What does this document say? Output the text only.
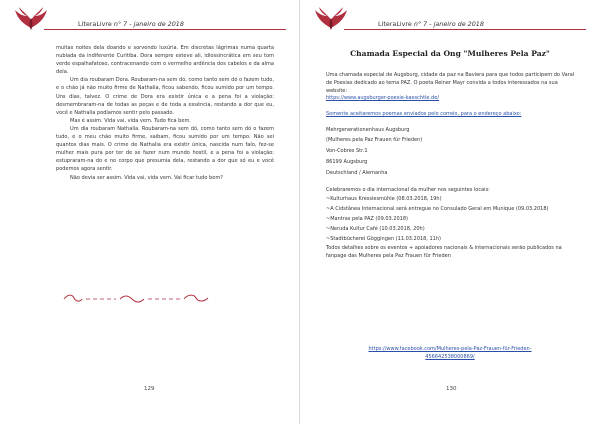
LiteraLivre n° 7 - janeiro de 2018

muitas noites dela doando e sorvendo luxúria. Em discretas lágrimas numa quarta nublada da indiferente Curitiba. Dora sempre esteve ali, idiossincrática em seu tom verde espalhafatoso, contracenando com o vermelho ardência dos cabelos e da alma dela.

Um dia roubaram Dora. Roubaram-na sem dó, como tanto sem dó o fazem tudo, e o chão já não muito firme de Nathalia, ficou sabendo, ficou sumido por um tempo. Uns dias, talvez. O crime de Dora era existir única e a pena foi a violação: desmembraram-na de todas as peças e de toda a essência, restando a dor que eu, você e Nathalia podíamos sentir pelo passado.

Mas é assim. Vida vai, vida vem. Tudo fica bem.

Um dia roubaram Nathalia. Roubaram-na sem dó, como tanto sem dó o fazem tudo, e o meu chão muito firme, saibam, ficou sumido por um tempo. Não sei quantos dias mais. O crime de Nathalia era existir única, nascida num falo, fez-se mulher mais pura por ter de se fazer num mundo hostil, e a pena foi a violação: estupraram-na do e no corpo que presumia dela, restando a dor que só eu e você podemos agora sentir.

Não devia ser assim. Vida vai, vida vem. Vai ficar tudo bem?

129
LiteraLivre n° 7 - janeiro de 2018
Chamada Especial da Ong "Mulheres Pela Paz"

Uma chamada especial de Augsburg, cidade da paz na Baviera para que todos participem do Varal de Poesias dedicado ao tema PAZ. O poeta Reiner Mayr convida a todos interessados na sua website:

https://www.augsburger-poesie-kaeschtle.de/

Somente aceitaremos poemas enviados pelo correio, para o endereço abaixo:

Mehrgenerationenhaus Augsburg

(Mulheres pela Paz Frauen für Frieden)

Von-Cobres Str.1

86199 Augsburg

Deutschland / Alemanha

Celebraremos o dia internacional da mulher nos seguintes locais:

~Kulturhaus Kresslesmühle (08.03.2018, 19h)

~A Cidstânea Internacional será entregue no Consulado Geral em Munique (09.03.2018)

~Mantras pela PAZ (09.03.2018)

~Neruda Kultur Café (10.03.2018, 20h)

~Stadtbücherei Göggingen (11.03.2018, 11h)

Todos detalhes sobre os eventos + apoiadores nacionais & internacionais serão publicados na fanpage das Mulheres pela Paz Frauen für Frieden

https://www.facebook.com/Mulheres-pela-Paz-Frauen-für-Frieden-456642538000869/
130
